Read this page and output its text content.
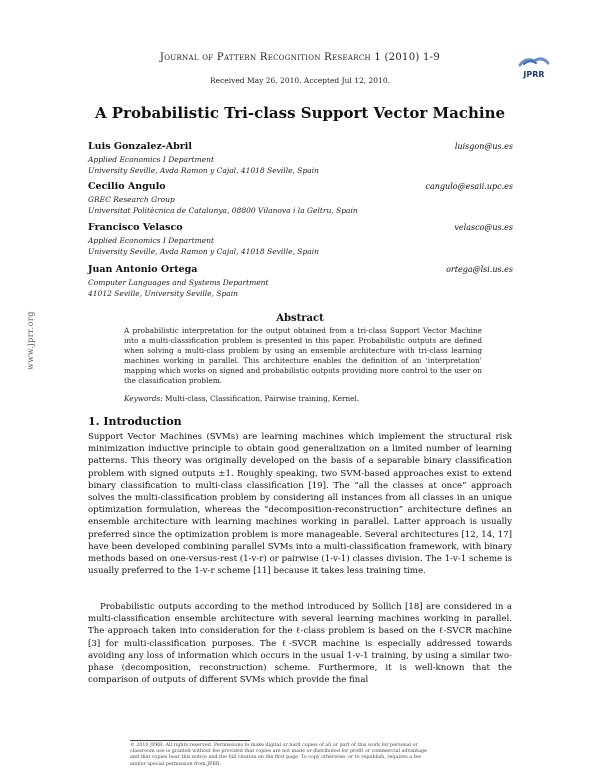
Journal of Pattern Recognition Research 1 (2010) 1-9
JPRR
Received May 26, 2010. Accepted Jul 12, 2010.
A Probabilistic Tri-class Support Vector Machine
Luis Gonzalez-Abril	luisgon@us.es
Applied Economics I Department
University Seville, Avda Ramon y Cajal, 41018 Seville, Spain
Cecilio Angulo	cangulo@esaii.upc.es
GREC Research Group
Universitat Politècnica de Catalunya, 08800 Vilanova i la Geltru, Spain
Francisco Velasco	velasco@us.es
Applied Economics I Department
University Seville, Avda Ramon y Cajal, 41018 Seville, Spain
Juan Antonio Ortega	ortega@lsi.us.es
Computer Languages and Systems Department
41012 Seville, University Seville, Spain
Abstract
A probabilistic interpretation for the output obtained from a tri-class Support Vector Machine into a multi-classification problem is presented in this paper. Probabilistic outputs are defined when solving a multi-class problem by using an ensemble architecture with tri-class learning machines working in parallel. This architecture enables the definition of an ‘interpretation’ mapping which works on signed and probabilistic outputs providing more control to the user on the classification problem.
Keywords: Multi-class, Classification, Pairwise training, Kernel.
www.jprr.org
1. Introduction
Support Vector Machines (SVMs) are learning machines which implement the structural risk minimization inductive principle to obtain good generalization on a limited number of learning patterns. This theory was originally developed on the basis of a separable binary classification problem with signed outputs ±1. Roughly speaking, two SVM-based approaches exist to extend binary classification to multi-class classification [19]. The “all the classes at once” approach solves the multi-classification problem by considering all instances from all classes in an unique optimization formulation, whereas the “decomposition-reconstruction” architecture defines an ensemble architecture with learning machines working in parallel. Latter approach is usually preferred since the optimization problem is more manageable. Several architectures [12, 14, 17] have been developed combining parallel SVMs into a multi-classification framework, with binary methods based on one-versus-rest (1-v-r) or pairwise (1-v-1) classes division. The 1-v-1 scheme is usually preferred to the 1-v-r scheme [11] because it takes less training time.
Probabilistic outputs according to the method introduced by Sollich [18] are considered in a multi-classification ensemble architecture with several learning machines working in parallel. The approach taken into consideration for the ℓ-class problem is based on the ℓ-SVCR machine [3] for multi-classification purposes. The ℓ-SVCR machine is especially addressed towards avoiding any loss of information which occurs in the usual 1-v-1 training, by using a similar two-phase (decomposition, reconstruction) scheme. Furthermore, it is well-known that the comparison of outputs of different SVMs which provide the final
© 2010 JPRR. All rights reserved. Permissions to make digital or hard copies of all or part of this work for personal or classroom use is granted without fee provided that copies are not made or distributed for profit or commercial advantage and that copies bear this notice and the full citation on the first page. To copy otherwise, or to republish, requires a fee and/or special permission from JPRR.
